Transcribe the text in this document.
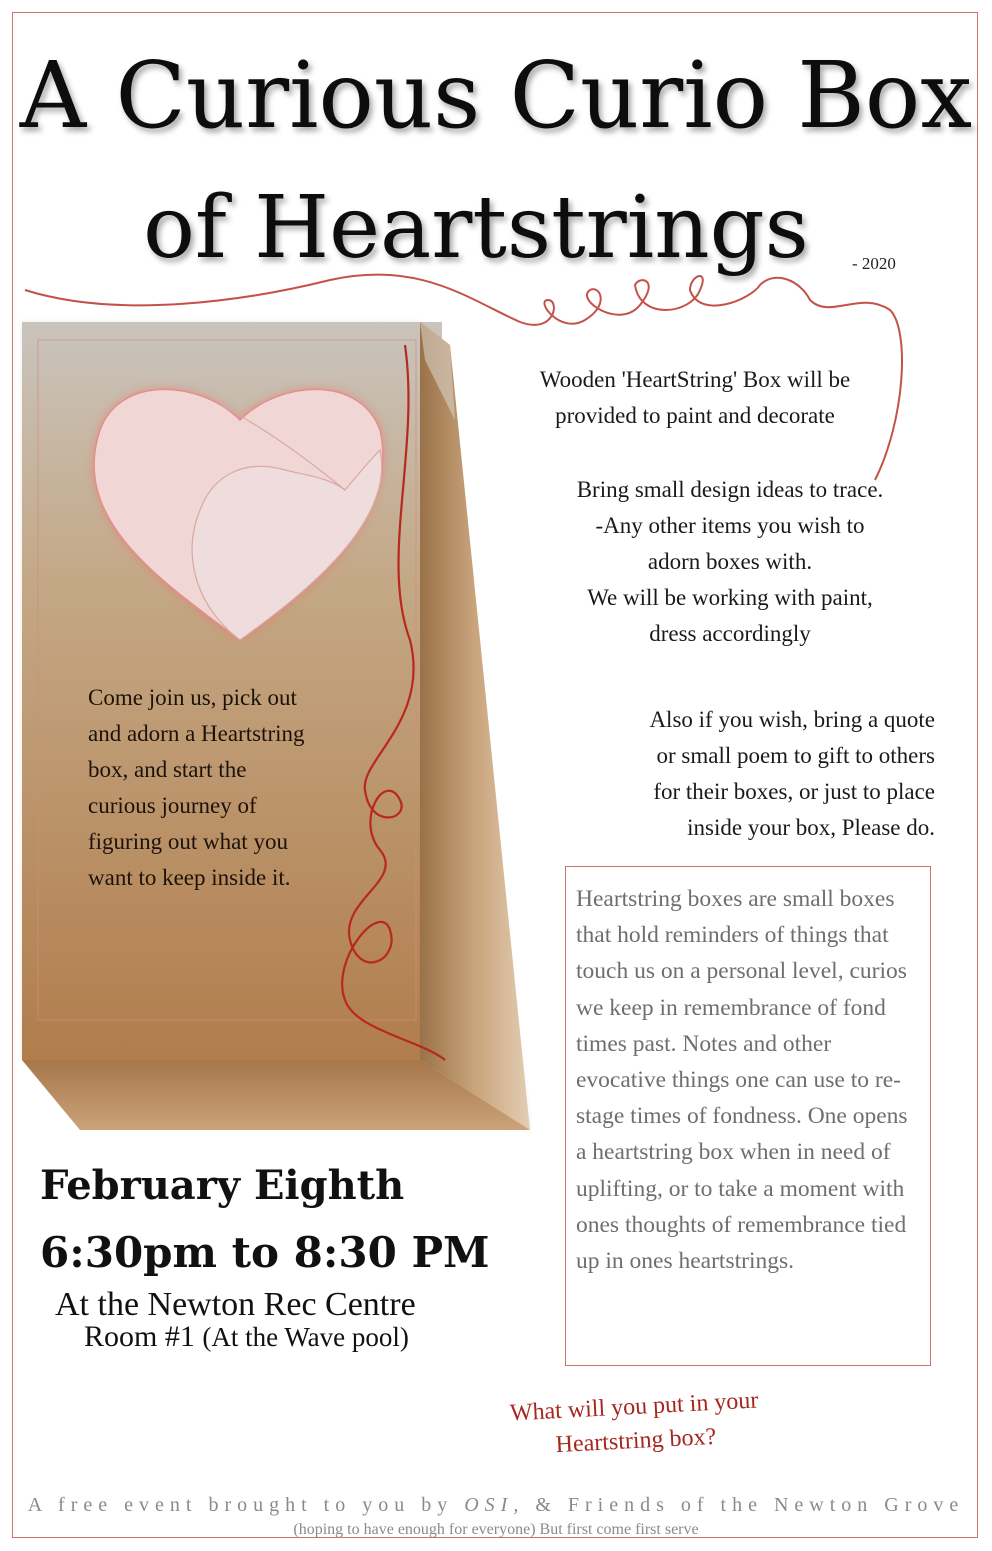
A Curious Curio Box
of Heartstrings	- 2020
Come join us, pick out and adorn a Heartstring box, and start the curious journey of figuring out what you want to keep inside it.
Wooden 'HeartString' Box will be
provided to paint and decorate
Bring small design ideas to trace.
-Any other items you wish to
adorn boxes with.
We will be working with paint,
dress accordingly
Also if you wish, bring a quote
or small poem to gift to others
for their boxes, or just to place
inside your box, Please do.
Heartstring boxes are small boxes that hold reminders of things that touch us on a personal level, curios we keep in remembrance of fond times past. Notes and other evocative things one can use to re-stage times of fondness. One opens a heartstring box when in need of uplifting, or to take a moment with ones thoughts of remembrance tied up in ones heartstrings.
February Eighth
6:30pm to 8:30 PM
At the Newton Rec Centre
Room #1 (At the Wave pool)
What will you put in your Heartstring box?
A free event brought to you by OSI, & Friends of the Newton Grove
(hoping to have enough for everyone) But first come first serve
